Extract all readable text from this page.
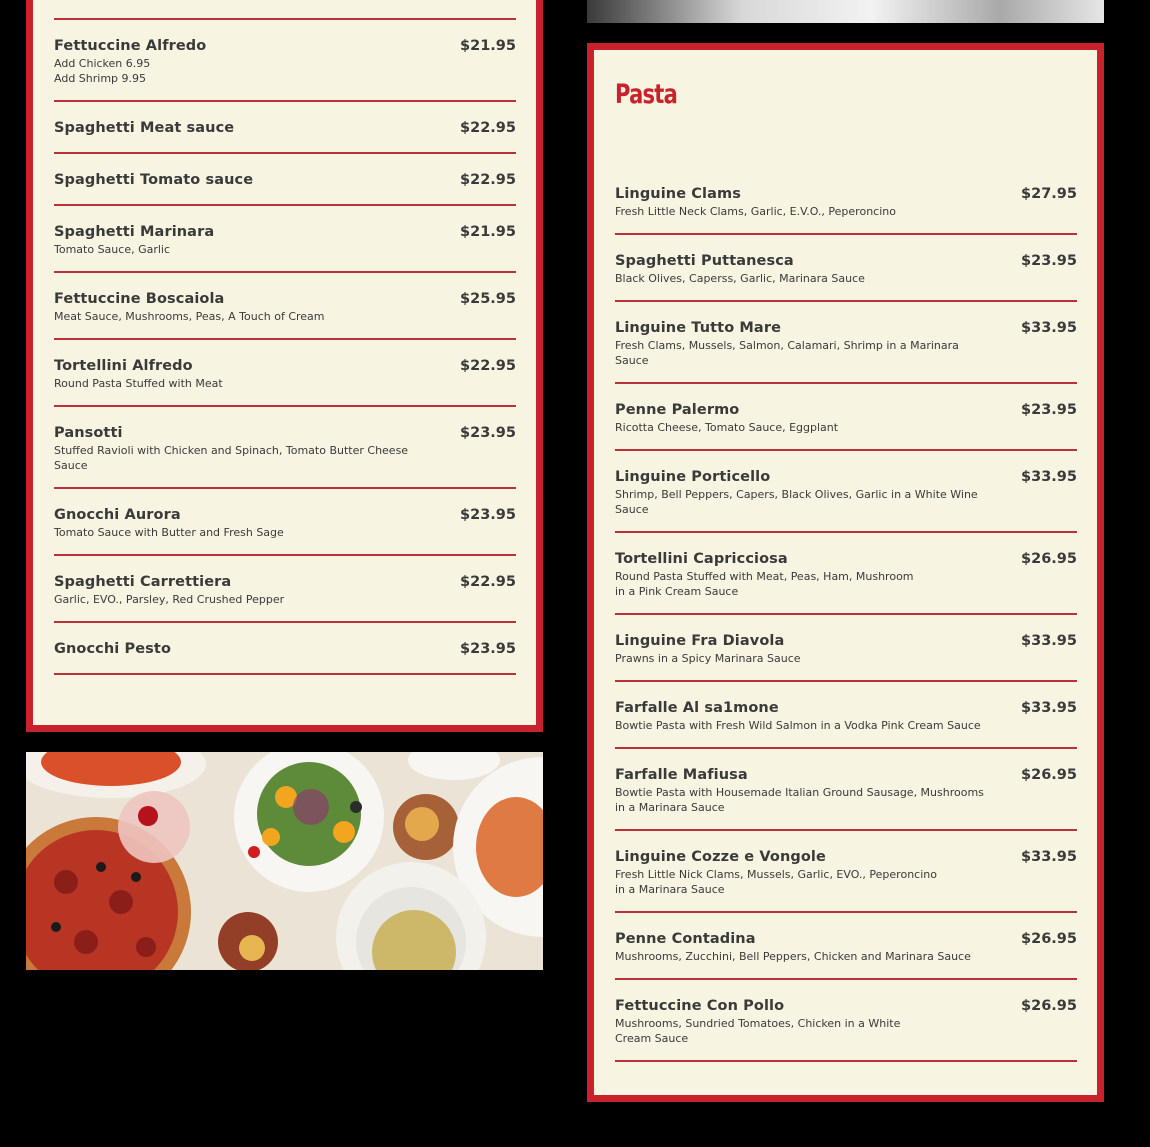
Fettuccine Alfredo	$21.95
Add Chicken 6.95
Add Shrimp 9.95
Spaghetti Meat sauce	$22.95
Spaghetti Tomato sauce	$22.95
Spaghetti Marinara	$21.95
Tomato Sauce, Garlic
Fettuccine Boscaiola	$25.95
Meat Sauce, Mushrooms, Peas, A Touch of Cream
Tortellini Alfredo	$22.95
Round Pasta Stuffed with Meat
Pansotti	$23.95
Stuffed Ravioli with Chicken and Spinach, Tomato Butter Cheese
Sauce
Gnocchi Aurora	$23.95
Tomato Sauce with Butter and Fresh Sage
Spaghetti Carrettiera	$22.95
Garlic, EVO., Parsley, Red Crushed Pepper
Gnocchi Pesto	$23.95
Pasta
Linguine Clams	$27.95
Fresh Little Neck Clams, Garlic, E.V.O., Peperoncino
Spaghetti Puttanesca	$23.95
Black Olives, Caperss, Garlic, Marinara Sauce
Linguine Tutto Mare	$33.95
Fresh Clams, Mussels, Salmon, Calamari, Shrimp in a Marinara
Sauce
Penne Palermo	$23.95
Ricotta Cheese, Tomato Sauce, Eggplant
Linguine Porticello	$33.95
Shrimp, Bell Peppers, Capers, Black Olives, Garlic in a White Wine
Sauce
Tortellini Capricciosa	$26.95
Round Pasta Stuffed with Meat, Peas, Ham, Mushroom
in a Pink Cream Sauce
Linguine Fra Diavola	$33.95
Prawns in a Spicy Marinara Sauce
Farfalle Al sa1mone	$33.95
Bowtie Pasta with Fresh Wild Salmon in a Vodka Pink Cream Sauce
Farfalle Mafiusa	$26.95
Bowtie Pasta with Housemade Italian Ground Sausage, Mushrooms
in a Marinara Sauce
Linguine Cozze e Vongole	$33.95
Fresh Little Nick Clams, Mussels, Garlic, EVO., Peperoncino
in a Marinara Sauce
Penne Contadina	$26.95
Mushrooms, Zucchini, Bell Peppers, Chicken and Marinara Sauce
Fettuccine Con Pollo	$26.95
Mushrooms, Sundried Tomatoes, Chicken in a White
Cream Sauce
